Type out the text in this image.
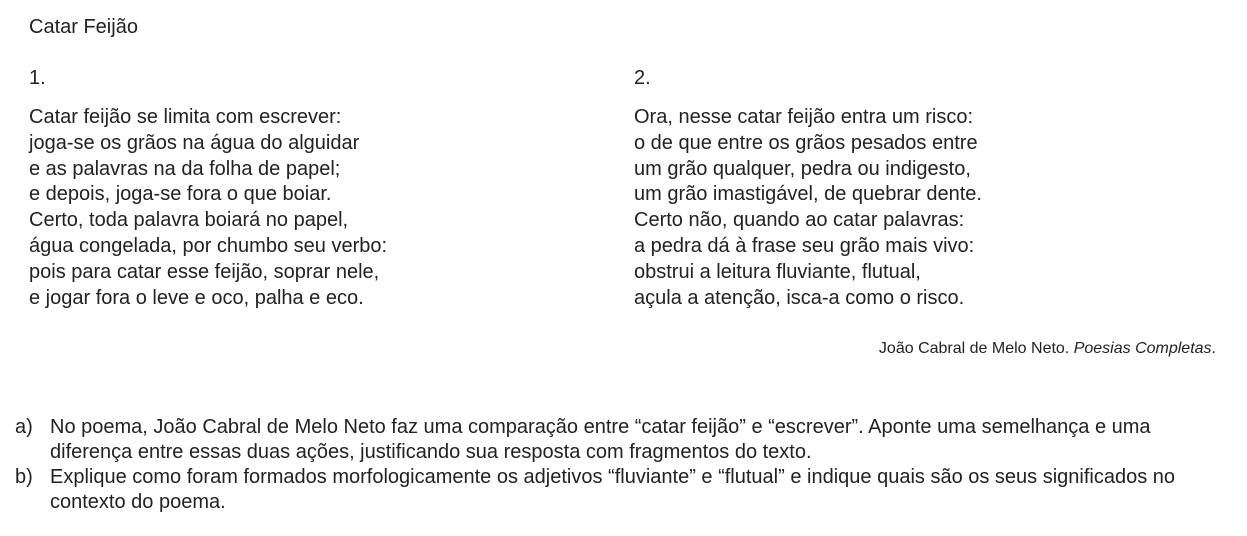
Catar Feijão
1.	2.
Catar feijão se limita com escrever:
joga-se os grãos na água do alguidar
e as palavras na da folha de papel;
e depois, joga-se fora o que boiar.
Certo, toda palavra boiará no papel,
água congelada, por chumbo seu verbo:
pois para catar esse feijão, soprar nele,
e jogar fora o leve e oco, palha e eco.
Ora, nesse catar feijão entra um risco:
o de que entre os grãos pesados entre
um grão qualquer, pedra ou indigesto,
um grão imastigável, de quebrar dente.
Certo não, quando ao catar palavras:
a pedra dá à frase seu grão mais vivo:
obstrui a leitura fluviante, flutual,
açula a atenção, isca-a como o risco.
João Cabral de Melo Neto. Poesias Completas.
a) No poema, João Cabral de Melo Neto faz uma comparação entre “catar feijão” e “escrever”. Aponte uma semelhança e uma diferença entre essas duas ações, justificando sua resposta com fragmentos do texto.
b) Explique como foram formados morfologicamente os adjetivos “fluviante” e “flutual” e indique quais são os seus significados no contexto do poema.
